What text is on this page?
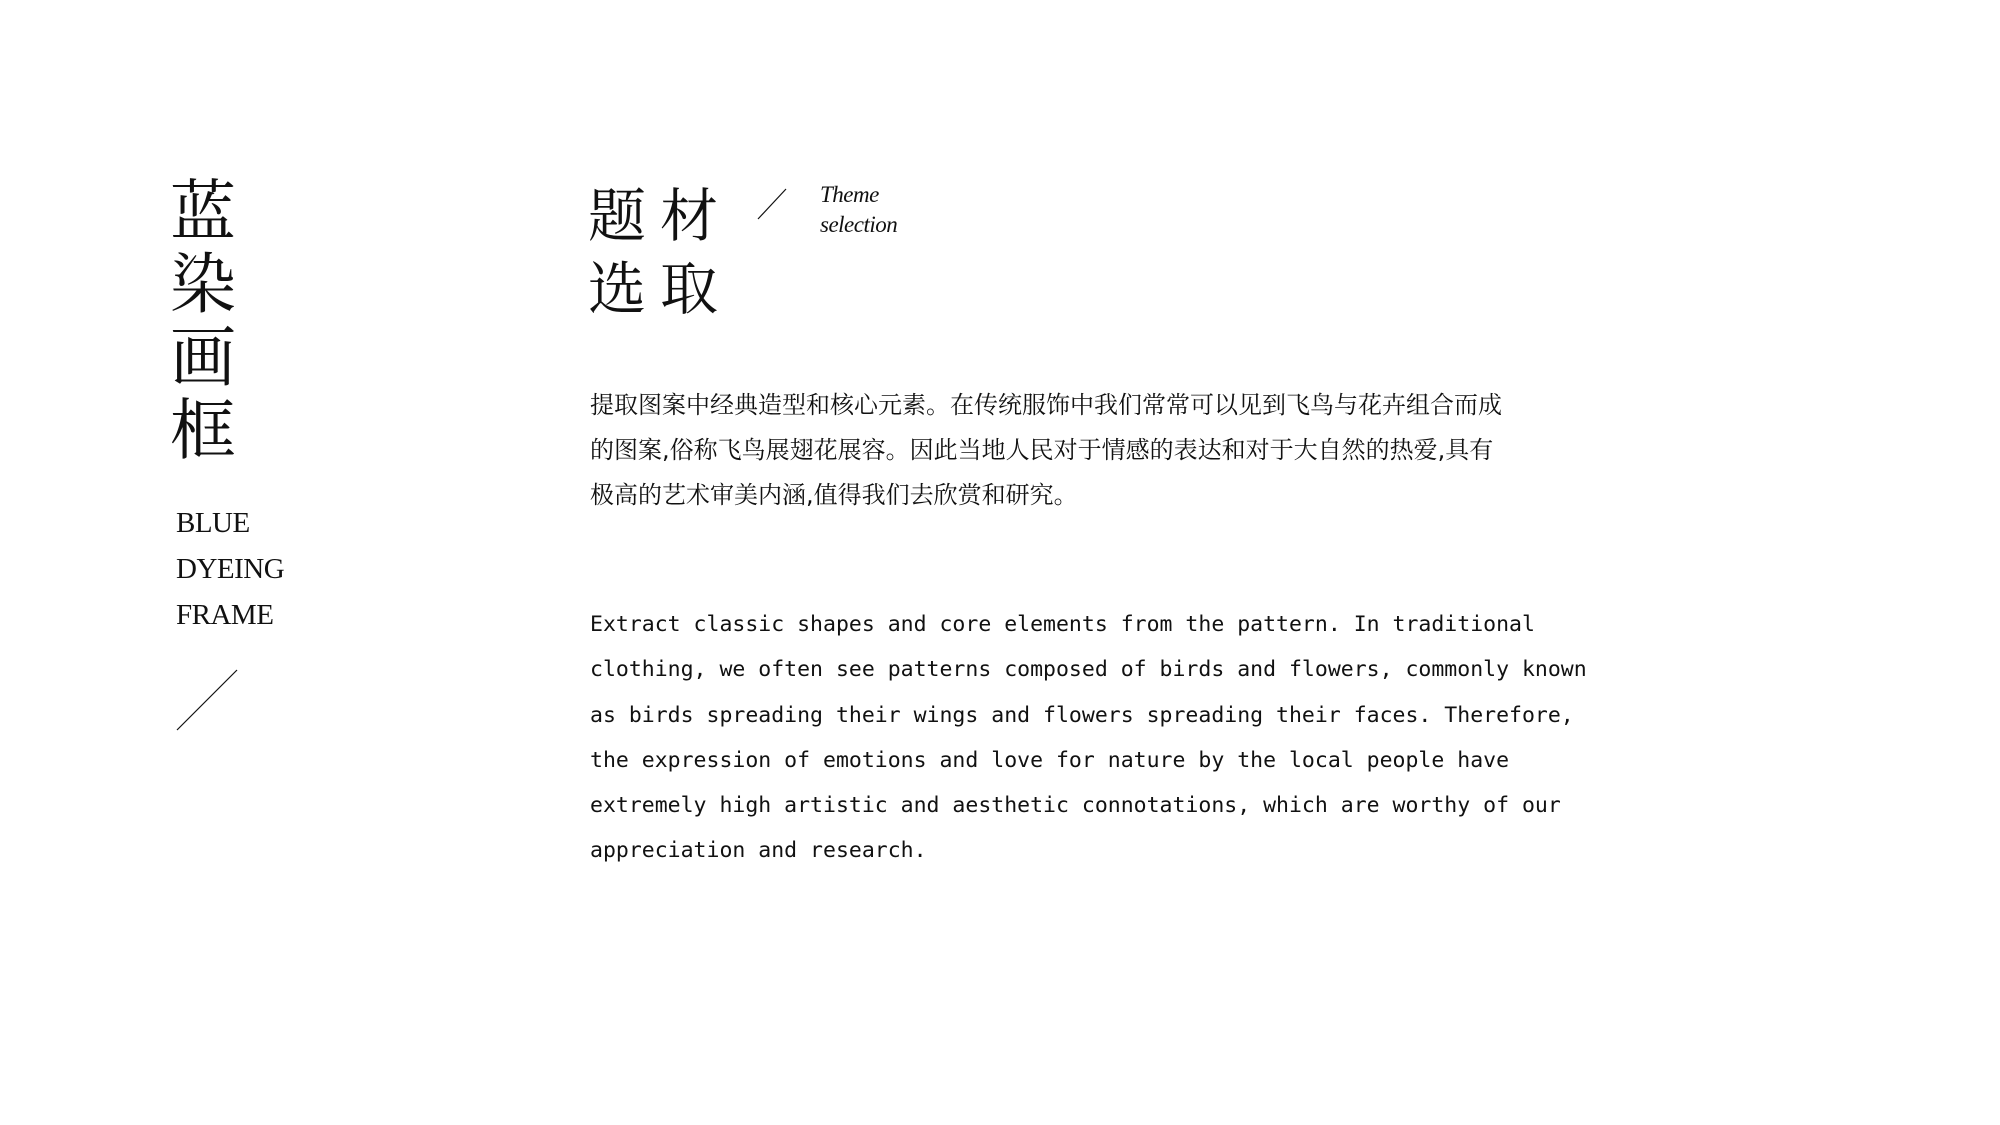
蓝
染
画
框
BLUE
DYEING
FRAME
题材
选取
Theme
selection
提取图案中经典造型和核心元素。在传统服饰中我们常常可以见到飞鸟与花卉组合而成
的图案,俗称飞鸟展翅花展容。因此当地人民对于情感的表达和对于大自然的热爱,具有
极高的艺术审美内涵,值得我们去欣赏和研究。
Extract classic shapes and core elements from the pattern. In traditional
clothing, we often see patterns composed of birds and flowers, commonly known
as birds spreading their wings and flowers spreading their faces. Therefore,
the expression of emotions and love for nature by the local people have
extremely high artistic and aesthetic connotations, which are worthy of our
appreciation and research.
